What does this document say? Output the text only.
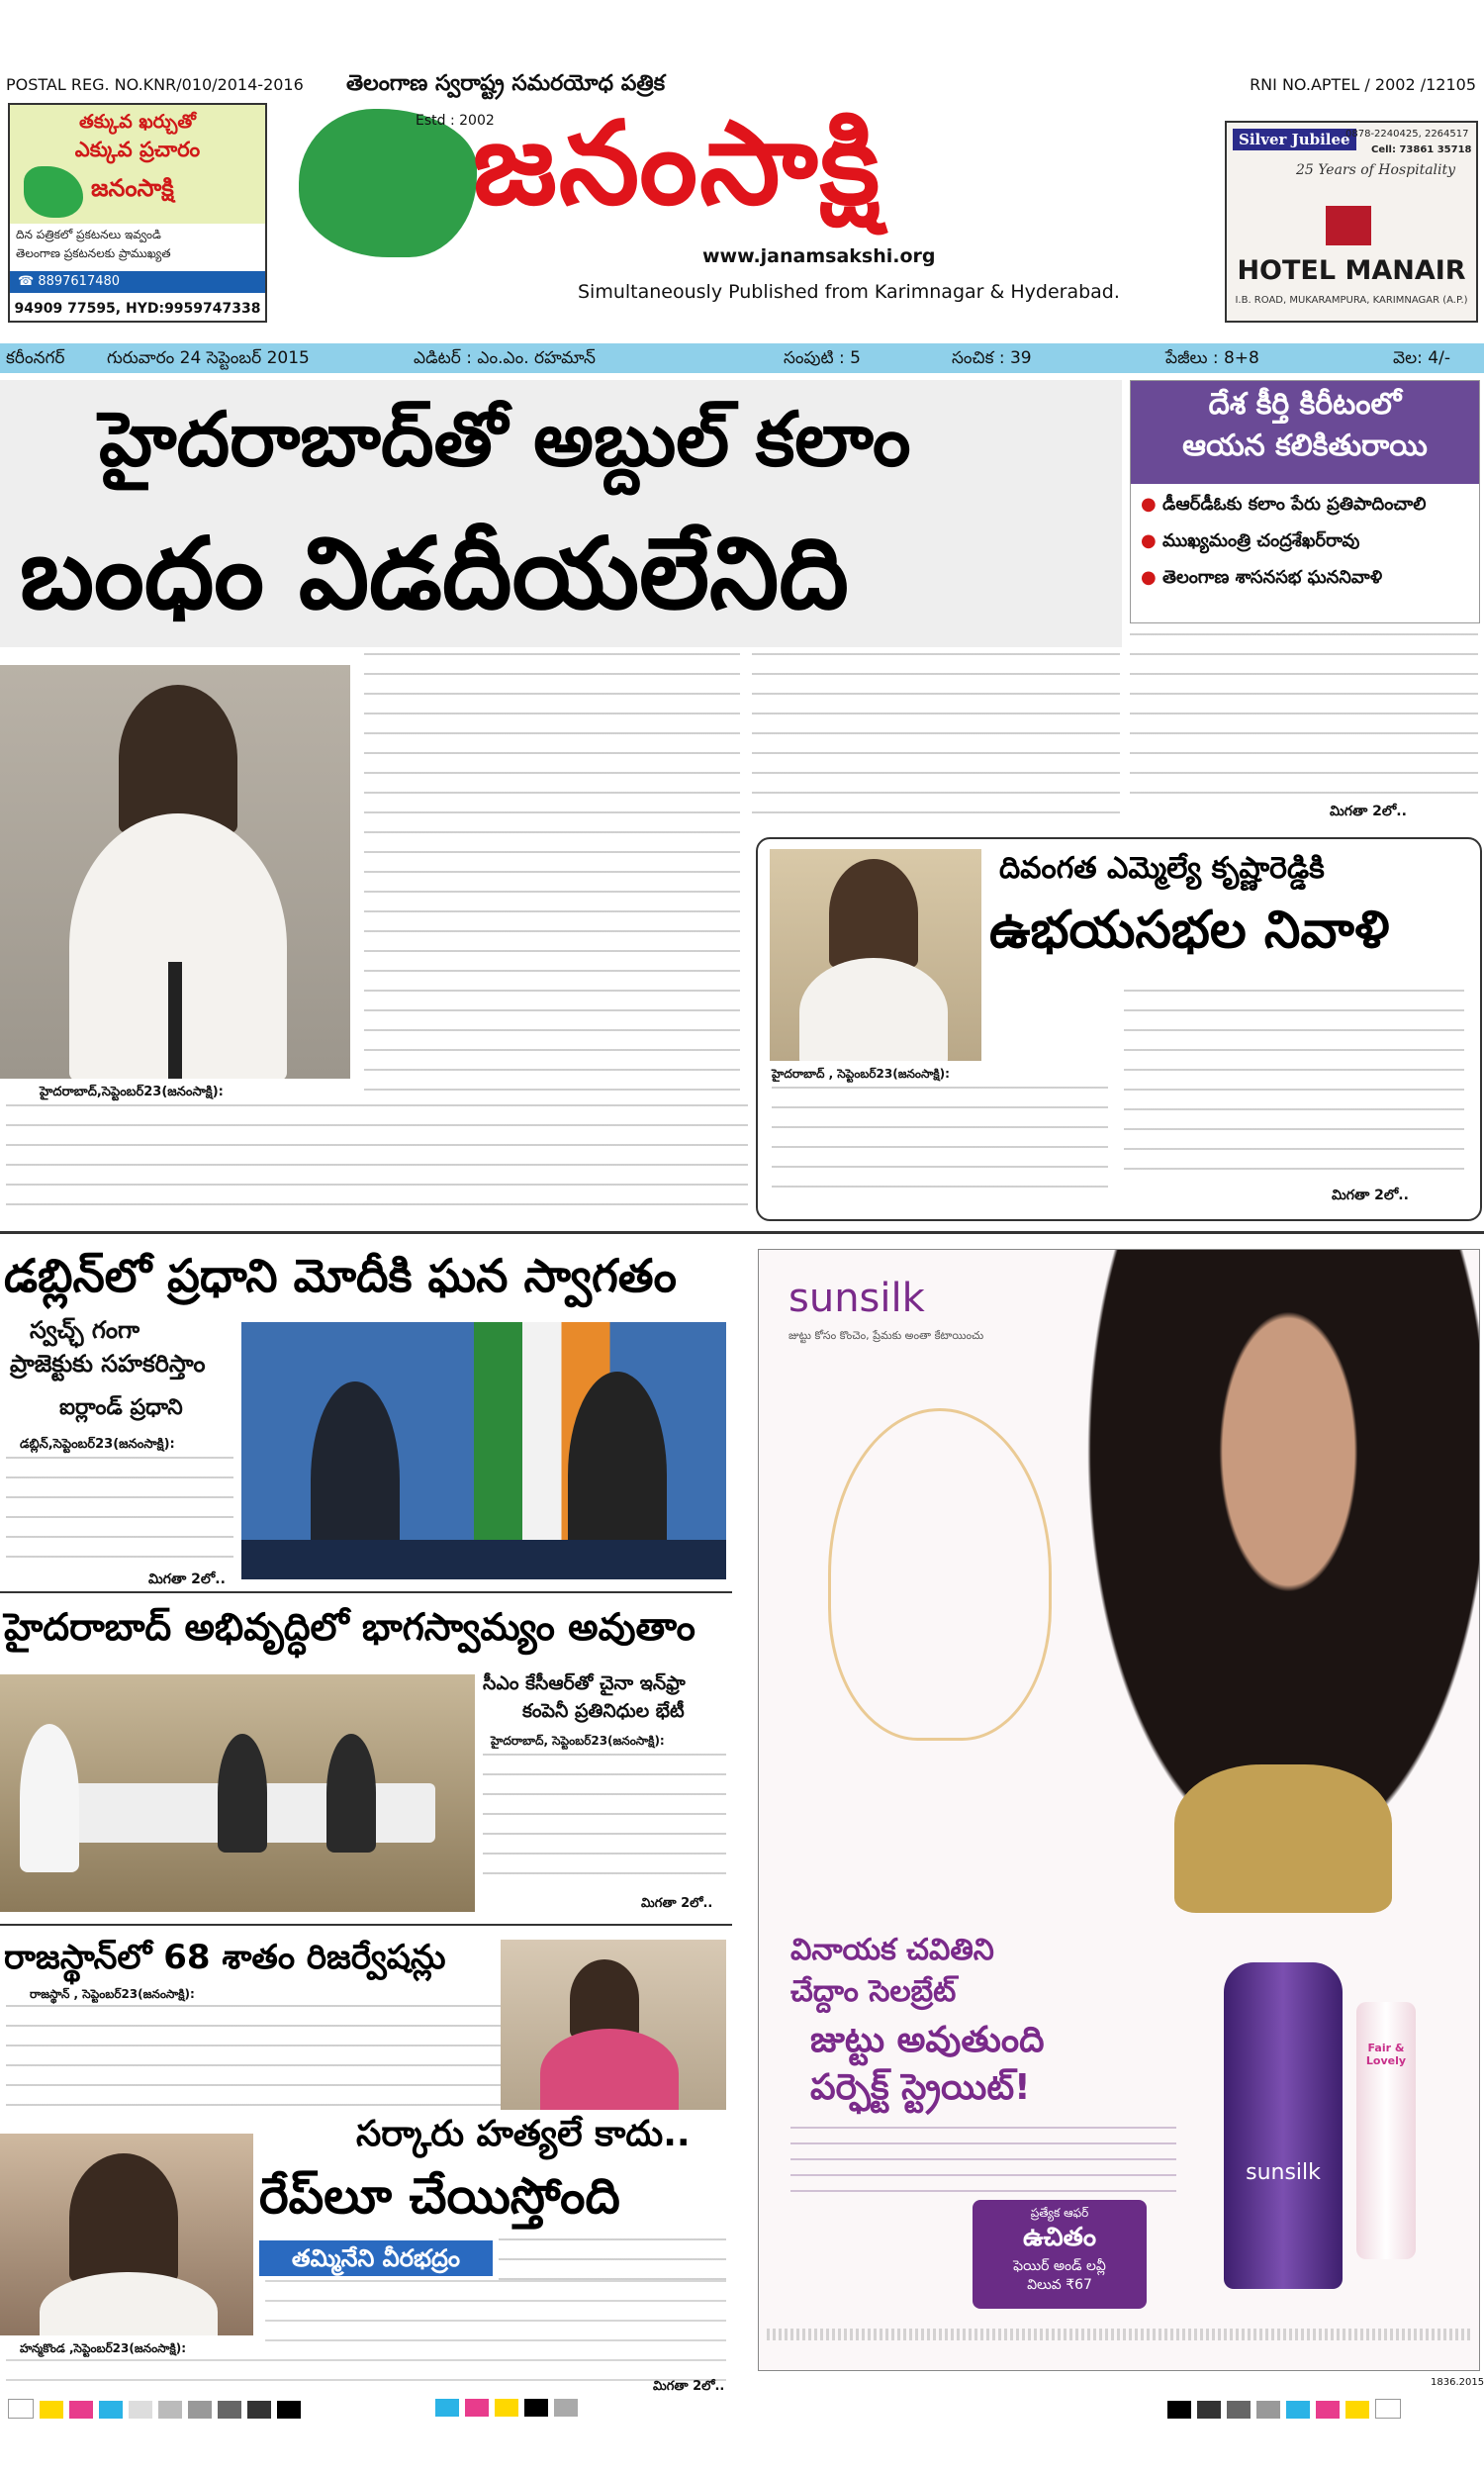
POSTAL REG. NO.KNR/010/2014-2016	RNI NO.APTEL / 2002 /12105
తక్కువ ఖర్చుతో
ఎక్కువ ప్రచారం
జనంసాక్షి
దిన పత్రికలో ప్రకటనలు ఇవ్వండి
తెలంగాణ ప్రకటనలకు ప్రాముఖ్యత
☎ 8897617480
94909 77595, HYD:9959747338
తెలంగాణ స్వరాష్ట్ర సమరయోధ పత్రిక
Estd : 2002
జనంసాక్షి
www.janamsakshi.org
Simultaneously Published from Karimnagar & Hyderabad.
Silver Jubilee
0878-2240425, 2264517
Cell: 73861 35718
25 Years of Hospitality
HOTEL MANAIR
I.B. ROAD, MUKARAMPURA, KARIMNAGAR (A.P.)
కరీంనగర్	గురువారం 24 సెప్టెంబర్ 2015	ఎడిటర్ : ఎం.ఎం. రహమాన్	సంపుటి : 5	సంచిక : 39	పేజీలు : 8+8	వెల: 4/-
హైదరాబాద్‌తో అబ్దుల్ కలాం
బంధం విడదీయలేనిది
దేశ కీర్తి కిరీటంలో
ఆయన కలికితురాయి
● డీఆర్‌డీఓకు కలాం పేరు ప్రతిపాదించాలి
● ముఖ్యమంత్రి చంద్రశేఖర్‌రావు
● తెలంగాణ శాసనసభ ఘననివాళి
హైదరాబాద్,సెప్టెంబర్23(జనంసాక్షి):
మిగతా 2లో..
దివంగత ఎమ్మెల్యే కృష్ణారెడ్డికి
ఉభయసభల నివాళి
హైదరాబాద్ , సెప్టెంబర్23(జనంసాక్షి):
మిగతా 2లో..
డబ్లిన్‌లో ప్రధాని మోదీకి ఘన స్వాగతం
స్వచ్ఛ్ గంగా
ప్రాజెక్టుకు సహకరిస్తాం
ఐర్లాండ్ ప్రధాని
డబ్లిన్,సెప్టెంబర్23(జనంసాక్షి):
మిగతా 2లో..
హైదరాబాద్ అభివృద్ధిలో భాగస్వామ్యం అవుతాం
సీఎం కేసీఆర్‌తో చైనా ఇన్‌ఫ్రా
కంపెనీ ప్రతినిధుల భేటీ
హైదరాబాద్, సెప్టెంబర్23(జనంసాక్షి):
మిగతా 2లో..
రాజస్థాన్‌లో 68 శాతం రిజర్వేషన్లు
రాజస్థాన్ , సెప్టెంబర్23(జనంసాక్షి):
సర్కారు హత్యలే కాదు..
రేప్‌లూ చేయిస్తోంది
తమ్మినేని వీరభద్రం
హన్మకొండ ,సెప్టెంబర్23(జనంసాక్షి):
మిగతా 2లో..
sunsilk
జుట్టు కోసం కొంచెం, ప్రేమకు అంతా కేటాయించు
వినాయక చవితిని
చేద్దాం సెలబ్రేట్
జుట్టు అవుతుంది
పర్ఫెక్ట్ స్ట్రెయిట్!
sunsilk
Fair & Lovely
ప్రత్యేక ఆఫర్
ఉచితం
ఫెయిర్ అండ్ లవ్లీ
విలువ ₹67
1836.2015
